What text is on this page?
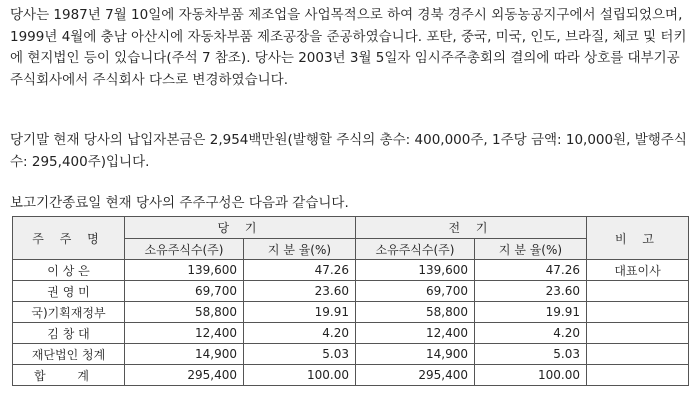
당사는 1987년 7월 10일에 자동차부품 제조업을 사업목적으로 하여 경북 경주시 외동농공지구에서 설립되었으며, 1999년 4월에 충남 아산시에 자동차부품 제조공장을 준공하였습니다. 포탄, 중국, 미국, 인도, 브라질, 체코 및 터키에 현지법인 등이 있습니다(주석 7 참조). 당사는 2003년 3월 5일자 임시주주총회의 결의에 따라 상호를 대부기공주식회사에서 주식회사 다스로 변경하였습니다.

당기말 현재 당사의 납입자본금은 2,954백만원(발행할 주식의 총수: 400,000주, 1주당 금액: 10,000원, 발행주식수: 295,400주)입니다.

보고기간종료일 현재 당사의 주주구성은 다음과 같습니다.

주 주 명	당 기		전 기		비 고
	소유주식수(주)	지 분 율(%)	소유주식수(주)	지 분 율(%)	
이 상 은	139,600	47.26	139,600	47.26	대표이사
권 영 미	69,700	23.60	69,700	23.60	
국)기획재정부	58,800	19.91	58,800	19.91	
김 창 대	12,400	4.20	12,400	4.20	
재단법인 청계	14,900	5.03	14,900	5.03	
합 계	295,400	100.00	295,400	100.00	
